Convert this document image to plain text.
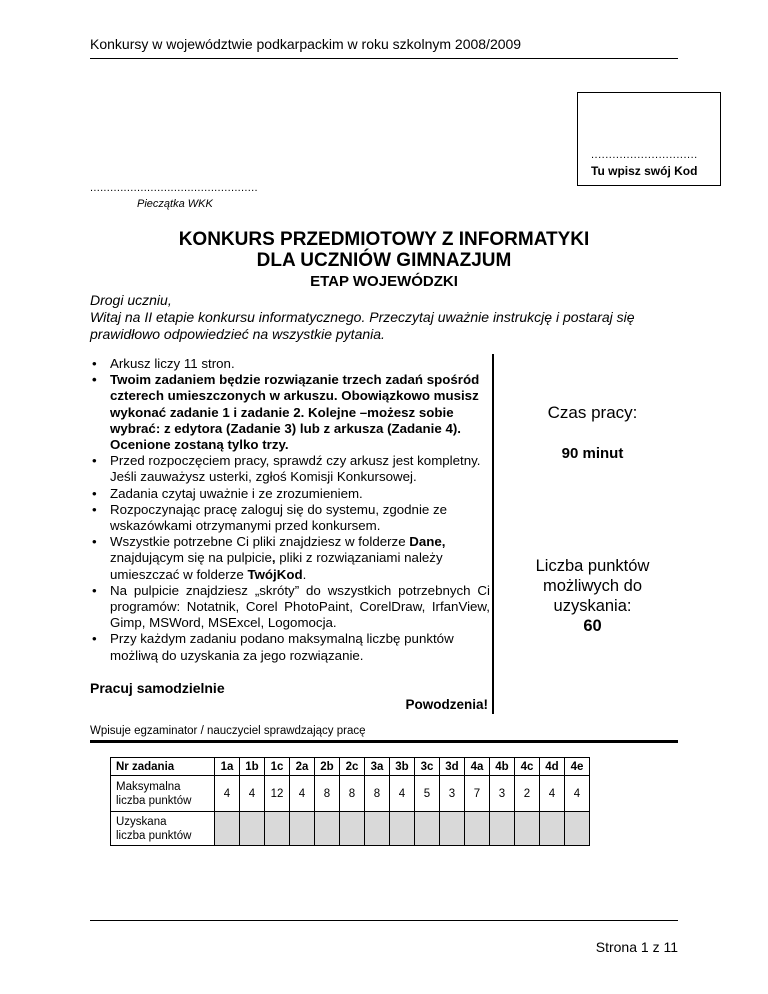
Konkursy w województwie podkarpackim w roku szkolnym 2008/2009
..............................
Tu wpisz swój Kod
..................................................
Pieczątka WKK
KONKURS PRZEDMIOTOWY Z INFORMATYKI
DLA UCZNIÓW GIMNAZJUM
ETAP WOJEWÓDZKI
Drogi uczniu,
Witaj na II etapie konkursu informatycznego. Przeczytaj uważnie instrukcję i postaraj się prawidłowo odpowiedzieć na wszystkie pytania.
• Arkusz liczy 11 stron.
• Twoim zadaniem będzie rozwiązanie trzech zadań spośród czterech umieszczonych w arkuszu. Obowiązkowo musisz wykonać zadanie 1 i zadanie 2. Kolejne –możesz sobie wybrać: z edytora (Zadanie 3) lub z arkusza (Zadanie 4). Ocenione zostaną tylko trzy.
• Przed rozpoczęciem pracy, sprawdź czy arkusz jest kompletny. Jeśli zauważysz usterki, zgłoś Komisji Konkursowej.
• Zadania czytaj uważnie i ze zrozumieniem.
• Rozpoczynając pracę zaloguj się do systemu, zgodnie ze wskazówkami otrzymanymi przed konkursem.
• Wszystkie potrzebne Ci pliki znajdziesz w folderze Dane, znajdującym się na pulpicie, pliki z rozwiązaniami należy umieszczać w folderze TwójKod.
• Na pulpicie znajdziesz „skróty” do wszystkich potrzebnych Ci programów: Notatnik, Corel PhotoPaint, CorelDraw, IrfanView, Gimp, MSWord, MSExcel, Logomocja.
• Przy każdym zadaniu podano maksymalną liczbę punktów możliwą do uzyskania za jego rozwiązanie.
Czas pracy:
90 minut
Liczba punktów
możliwych do
uzyskania:
60
Pracuj samodzielnie
Powodzenia!
Wpisuje egzaminator / nauczyciel sprawdzający pracę
Nr zadania	1a	1b	1c	2a	2b	2c	3a	3b	3c	3d	4a	4b	4c	4d	4e
Maksymalna
liczba punktów	4	4	12	4	8	8	8	4	5	3	7	3	2	4	4
Uzyskana
liczba punktów															
Strona 1 z 11
